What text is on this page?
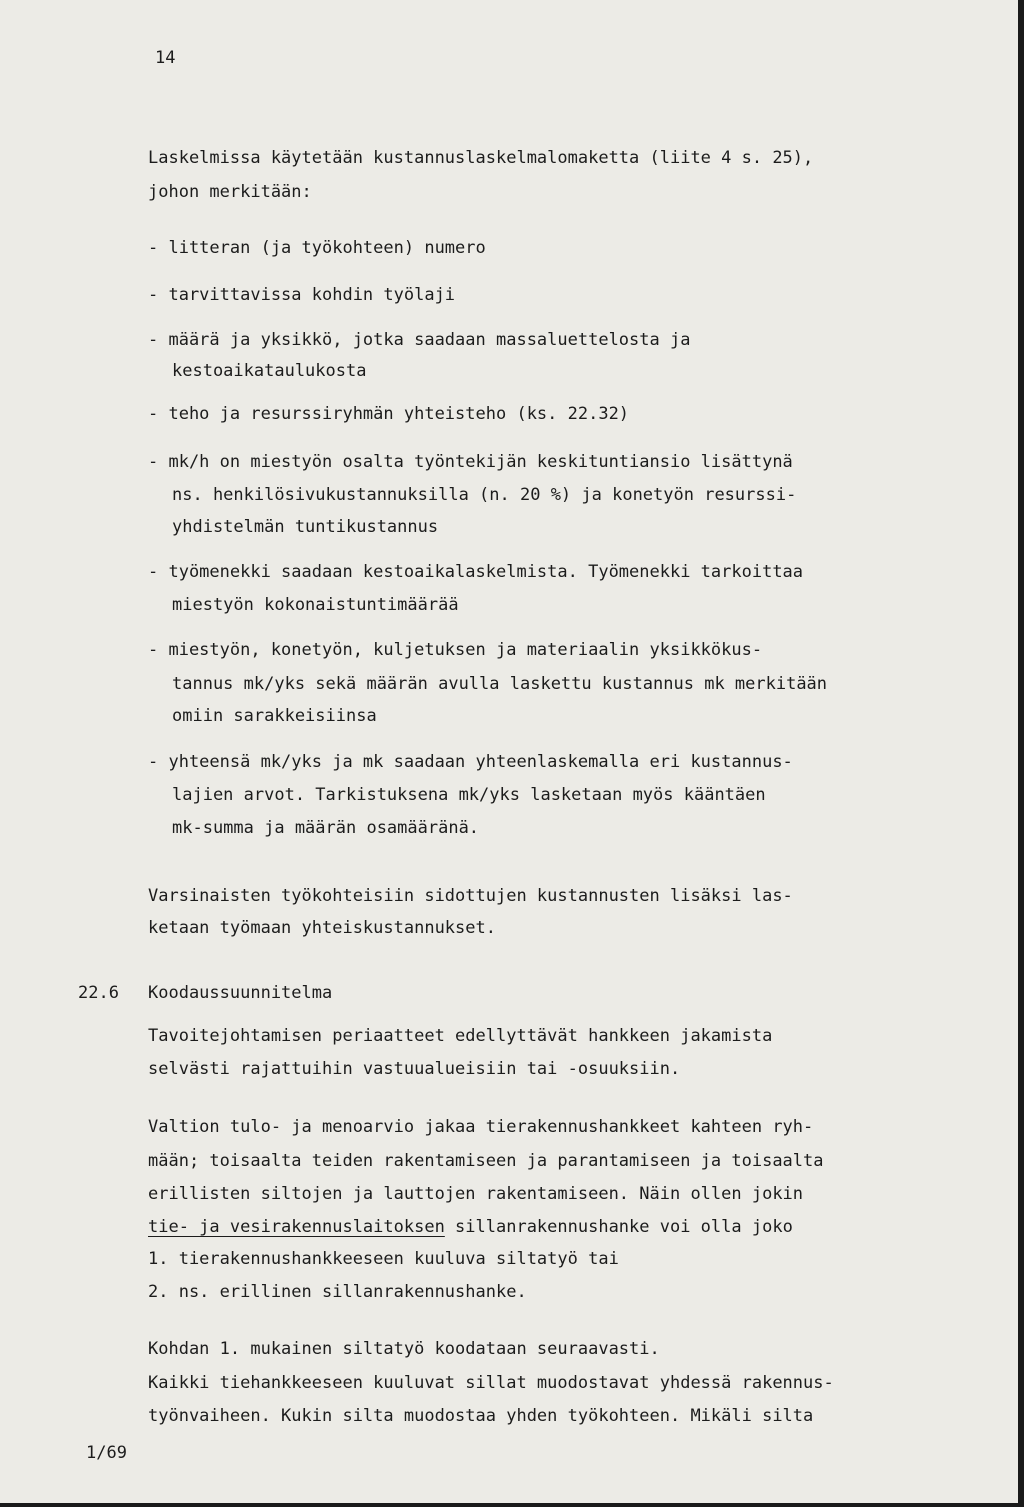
14
Laskelmissa käytetään kustannuslaskelmalomaketta (liite 4 s. 25),
johon merkitään:
- litteran (ja työkohteen) numero
- tarvittavissa kohdin työlaji
- määrä ja yksikkö, jotka saadaan massaluettelosta ja
kestoaikataulukosta
- teho ja resurssiryhmän yhteisteho (ks. 22.32)
- mk/h on miestyön osalta työntekijän keskituntiansio lisättynä
ns. henkilösivukustannuksilla (n. 20 %) ja konetyön resurssi-
yhdistelmän tuntikustannus
- työmenekki saadaan kestoaikalaskelmista. Työmenekki tarkoittaa
miestyön kokonaistuntimäärää
- miestyön, konetyön, kuljetuksen ja materiaalin yksikkökus-
tannus mk/yks sekä määrän avulla laskettu kustannus mk merkitään
omiin sarakkeisiinsa
- yhteensä mk/yks ja mk saadaan yhteenlaskemalla eri kustannus-
lajien arvot. Tarkistuksena mk/yks lasketaan myös kääntäen
mk-summa ja määrän osamääränä.
Varsinaisten työkohteisiin sidottujen kustannusten lisäksi las-
ketaan työmaan yhteiskustannukset.
22.6 Koodaussuunnitelma
Tavoitejohtamisen periaatteet edellyttävät hankkeen jakamista
selvästi rajattuihin vastuualueisiin tai -osuuksiin.
Valtion tulo- ja menoarvio jakaa tierakennushankkeet kahteen ryh-
mään; toisaalta teiden rakentamiseen ja parantamiseen ja toisaalta
erillisten siltojen ja lauttojen rakentamiseen. Näin ollen jokin
tie- ja vesirakennuslaitoksen sillanrakennushanke voi olla joko
1. tierakennushankkeeseen kuuluva siltatyö tai
2. ns. erillinen sillanrakennushanke.
Kohdan 1. mukainen siltatyö koodataan seuraavasti.
Kaikki tiehankkeeseen kuuluvat sillat muodostavat yhdessä rakennus-
työnvaiheen. Kukin silta muodostaa yhden työkohteen. Mikäli silta
1/69
